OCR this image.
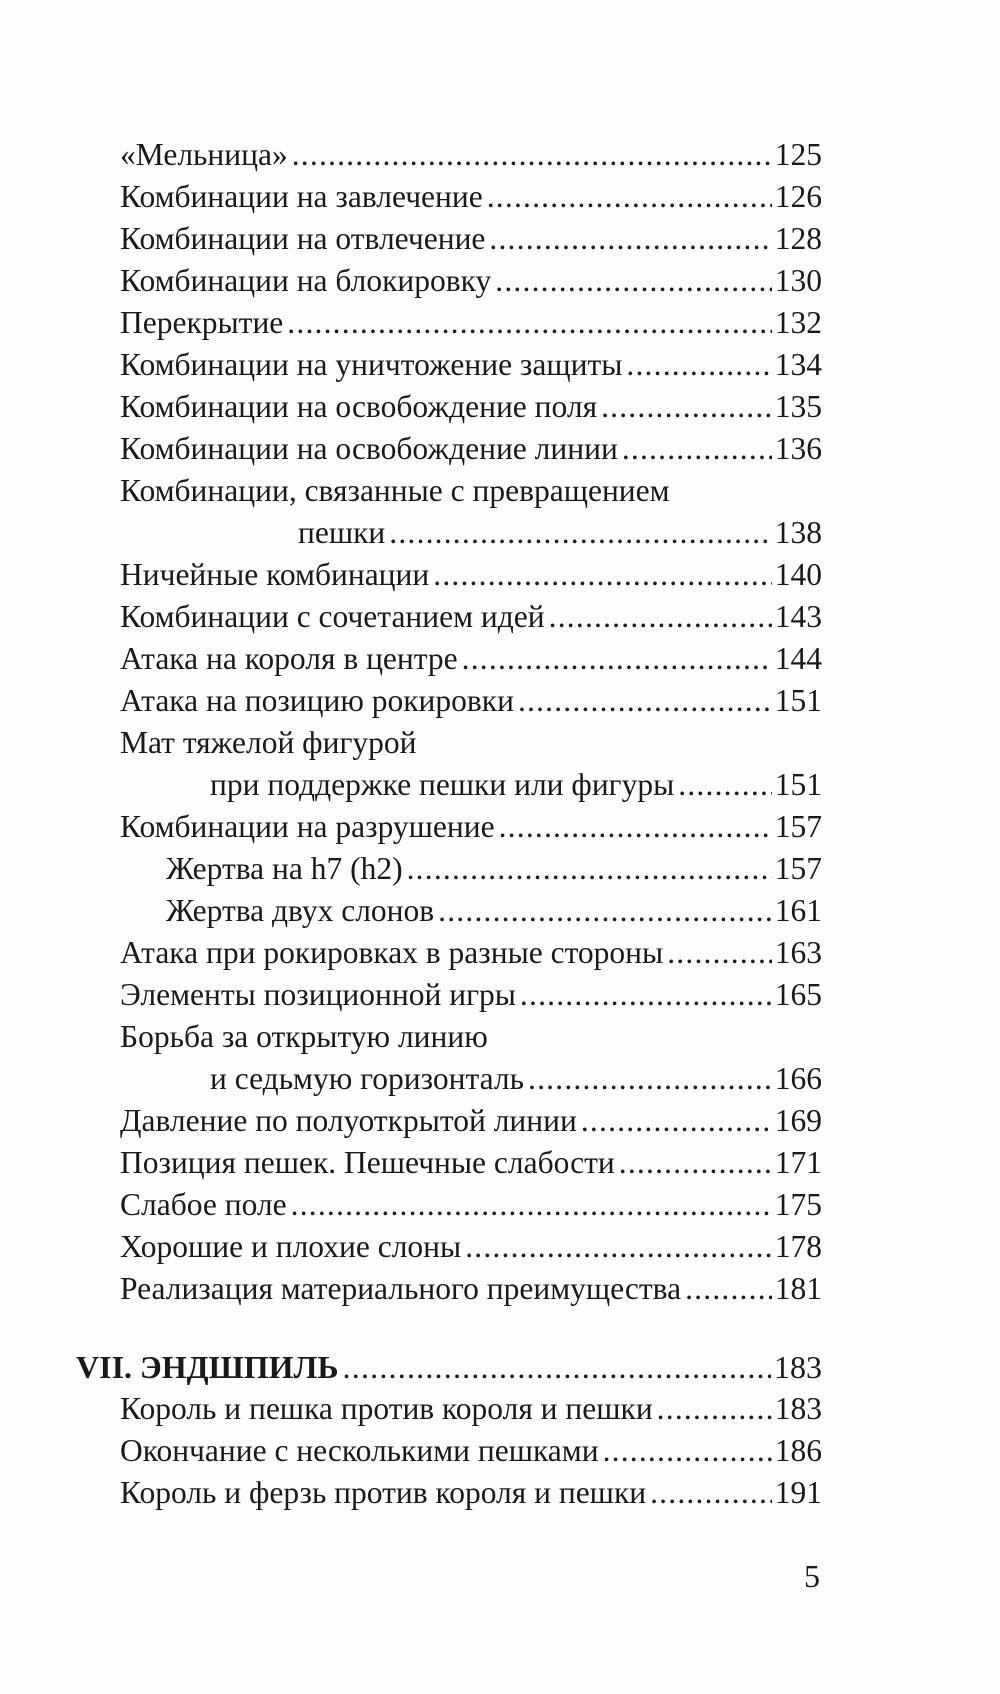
«Мельница» .....	125
Комбинации на завлечение .....	126
Комбинации на отвлечение .....	128
Комбинации на блокировку .....	130
Перекрытие .....	132
Комбинации на уничтожение защиты .....	134
Комбинации на освобождение поля .....	135
Комбинации на освобождение линии .....	136
Комбинации, связанные с превращением
пешки .....	138
Ничейные комбинации .....	140
Комбинации с сочетанием идей .....	143
Атака на короля в центре .....	144
Атака на позицию рокировки .....	151
Мат тяжелой фигурой
при поддержке пешки или фигуры .....	151
Комбинации на разрушение .....	157
Жертва на h7 (h2) .....	157
Жертва двух слонов .....	161
Атака при рокировках в разные стороны .....	163
Элементы позиционной игры .....	165
Борьба за открытую линию
и седьмую горизонталь .....	166
Давление по полуоткрытой линии .....	169
Позиция пешек. Пешечные слабости .....	171
Слабое поле .....	175
Хорошие и плохие слоны .....	178
Реализация материального преимущества .....	181
VII. ЭНДШПИЛЬ .....	183
Король и пешка против короля и пешки .....	183
Окончание с несколькими пешками .....	186
Король и ферзь против короля и пешки .....	191
5
